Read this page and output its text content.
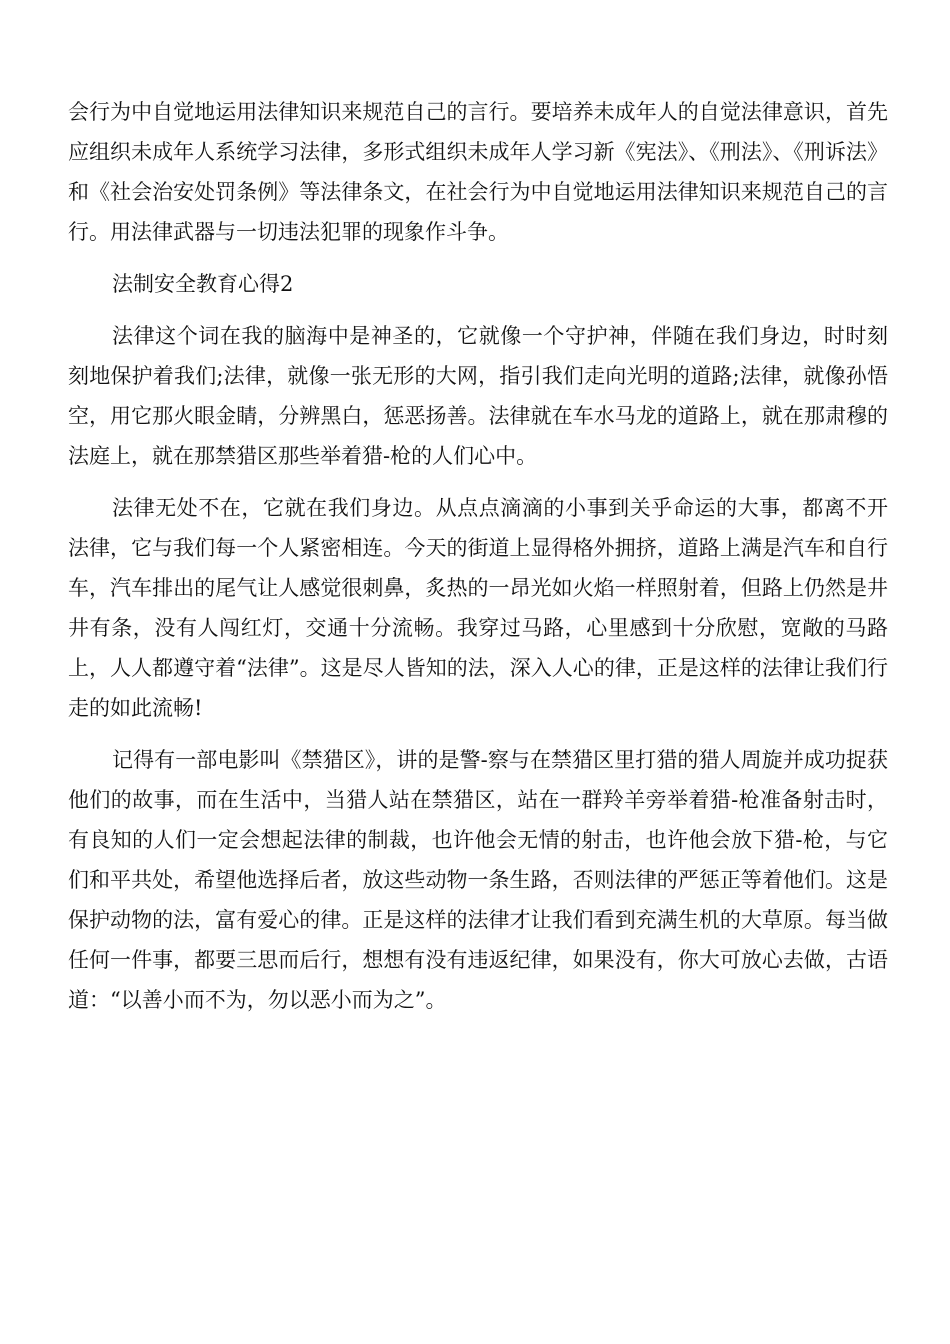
会行为中自觉地运用法律知识来规范自己的言行。要培养未成年人的自觉法律意识，首先应组织未成年人系统学习法律，多形式组织未成年人学习新《宪法》、《刑法》、《刑诉法》和《社会治安处罚条例》等法律条文，在社会行为中自觉地运用法律知识来规范自己的言行。用法律武器与一切违法犯罪的现象作斗争。

法制安全教育心得2

法律这个词在我的脑海中是神圣的，它就像一个守护神，伴随在我们身边，时时刻刻地保护着我们;法律，就像一张无形的大网，指引我们走向光明的道路;法律，就像孙悟空，用它那火眼金睛，分辨黑白，惩恶扬善。法律就在车水马龙的道路上，就在那肃穆的法庭上，就在那禁猎区那些举着猎-枪的人们心中。

法律无处不在，它就在我们身边。从点点滴滴的小事到关乎命运的大事，都离不开法律，它与我们每一个人紧密相连。今天的街道上显得格外拥挤，道路上满是汽车和自行车，汽车排出的尾气让人感觉很刺鼻，炙热的一昂光如火焰一样照射着，但路上仍然是井井有条，没有人闯红灯，交通十分流畅。我穿过马路，心里感到十分欣慰，宽敞的马路上，人人都遵守着“法律”。这是尽人皆知的法，深入人心的律，正是这样的法律让我们行走的如此流畅!

记得有一部电影叫《禁猎区》，讲的是警-察与在禁猎区里打猎的猎人周旋并成功捉获他们的故事，而在生活中，当猎人站在禁猎区，站在一群羚羊旁举着猎-枪准备射击时，有良知的人们一定会想起法律的制裁，也许他会无情的射击，也许他会放下猎-枪，与它们和平共处，希望他选择后者，放这些动物一条生路，否则法律的严惩正等着他们。这是保护动物的法，富有爱心的律。正是这样的法律才让我们看到充满生机的大草原。每当做任何一件事，都要三思而后行，想想有没有违返纪律，如果没有，你大可放心去做，古语道：“以善小而不为，勿以恶小而为之”。
